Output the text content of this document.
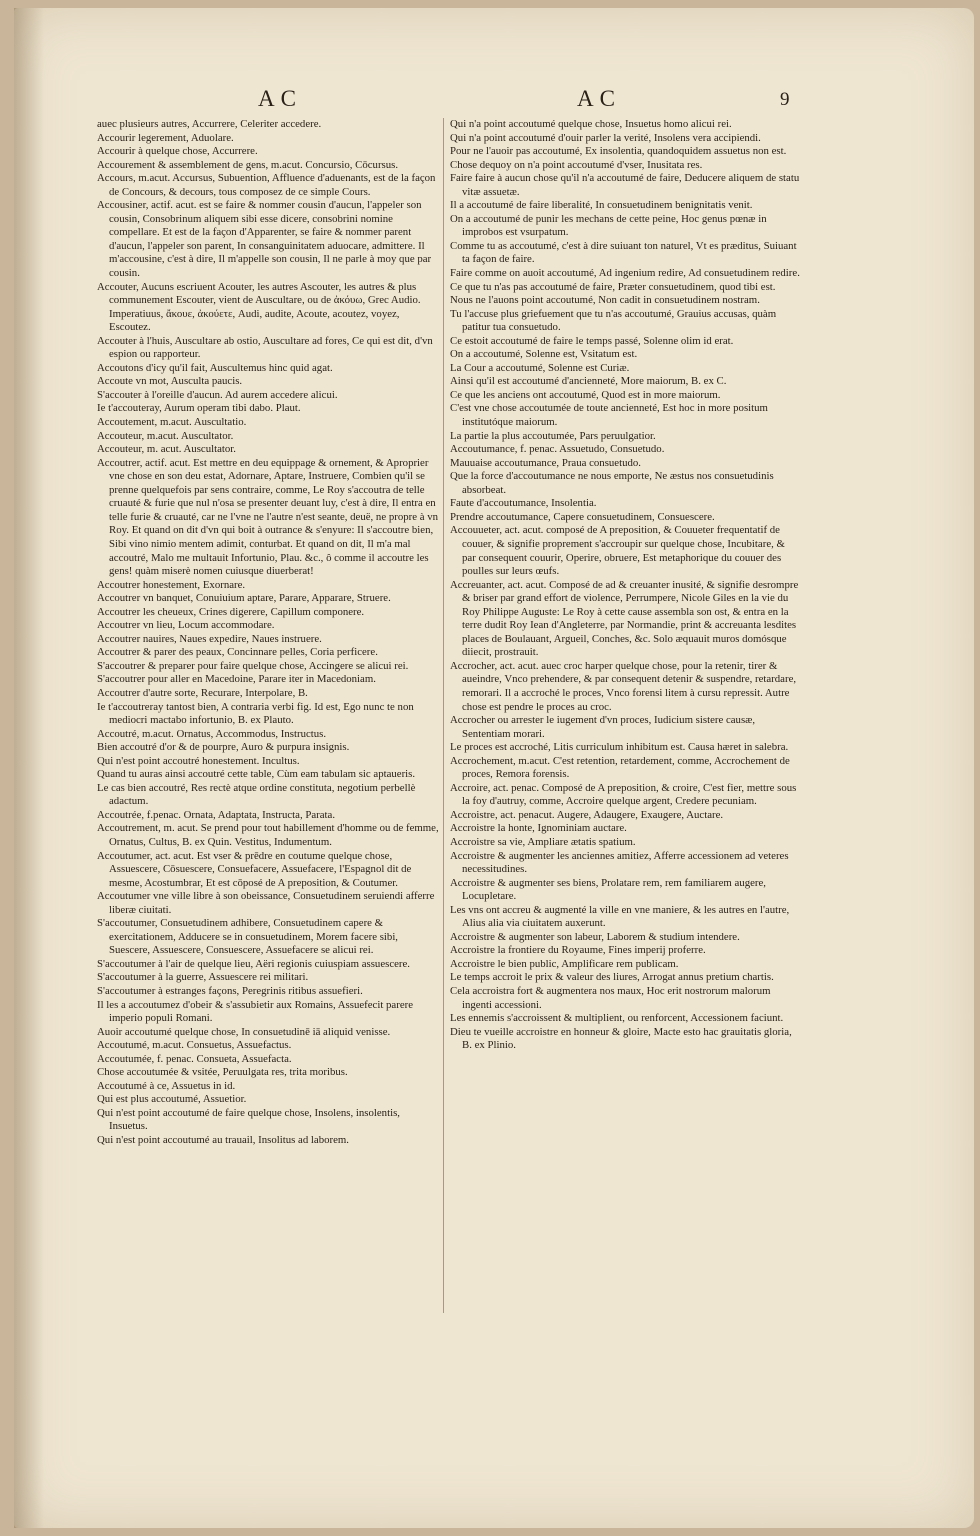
AC	AC	9
auec plusieurs autres, Accurrere, Celeriter accedere.
Accourir legerement, Aduolare.
Accourir à quelque chose, Accurrere.
Accourement & assemblement de gens, m.acut. Concursio, Cōcursus.
Accours, m.acut. Accursus, Subuention, Affluence d'aduenants, est de la façon de Concours, & decours, tous composez de ce simple Cours.
Accousiner, actif. acut. est se faire & nommer cousin d'aucun, l'appeler son cousin, Consobrinum aliquem sibi esse dicere, consobrini nomine compellare. Et est de la façon d'Apparenter, se faire & nommer parent d'aucun, l'appeler son parent, In consanguinitatem aduocare, admittere. Il m'accousine, c'est à dire, Il m'appelle son cousin, Il ne parle à moy que par cousin.
Accouter, Aucuns escriuent Acouter, les autres Ascouter, les autres & plus communement Escouter, vient de Auscultare, ou de ἀκόυω, Grec Audio. Imperatiuus, ἄκουε, ἀκούετε, Audi, audite, Acoute, acoutez, voyez, Escoutez.
Accouter à l'huis, Auscultare ab ostio, Auscultare ad fores, Ce qui est dit, d'vn espion ou rapporteur.
Accoutons d'icy qu'il fait, Auscultemus hinc quid agat.
Accoute vn mot, Ausculta paucis.
S'accouter à l'oreille d'aucun. Ad aurem accedere alicui.
Ie t'accouteray, Aurum operam tibi dabo. Plaut.
Accoutement, m.acut. Auscultatio.
Accouteur, m.acut. Auscultator.
Accouteur, m. acut. Auscultator.
Accoutrer, actif. acut. Est mettre en deu equippage & ornement, & Aproprier vne chose en son deu estat, Adornare, Aptare, Instruere, Combien qu'il se prenne quelquefois par sens contraire, comme, Le Roy s'accoutra de telle cruauté & furie que nul n'osa se presenter deuant luy, c'est à dire, Il entra en telle furie & cruauté, car ne l'vne ne l'autre n'est seante, deuë, ne propre à vn Roy. Et quand on dit d'vn qui boit à outrance & s'enyure: Il s'accoutre bien, Sibi vino nimio mentem adimit, conturbat. Et quand on dit, Il m'a mal accoutré, Malo me multauit Infortunio, Plau. &c., ô comme il accoutre les gens! quàm miserè nomen cuiusque diuerberat!
Accoutrer honestement, Exornare.
Accoutrer vn banquet, Conuiuium aptare, Parare, Apparare, Struere.
Accoutrer les cheueux, Crines digerere, Capillum componere.
Accoutrer vn lieu, Locum accommodare.
Accoutrer nauires, Naues expedire, Naues instruere.
Accoutrer & parer des peaux, Concinnare pelles, Coria perficere.
S'accoutrer & preparer pour faire quelque chose, Accingere se alicui rei.
S'accoutrer pour aller en Macedoine, Parare iter in Macedoniam.
Accoutrer d'autre sorte, Recurare, Interpolare, B.
Ie t'accoutreray tantost bien, A contraria verbi fig. Id est, Ego nunc te non mediocri mactabo infortunio, B. ex Plauto.
Accoutré, m.acut. Ornatus, Accommodus, Instructus.
Bien accoutré d'or & de pourpre, Auro & purpura insignis.
Qui n'est point accoutré honestement. Incultus.
Quand tu auras ainsi accoutré cette table, Cùm eam tabulam sic aptaueris.
Le cas bien accoutré, Res rectè atque ordine constituta, negotium perbellè adactum.
Accoutrée, f.penac. Ornata, Adaptata, Instructa, Parata.
Accoutrement, m. acut. Se prend pour tout habillement d'homme ou de femme, Ornatus, Cultus, B. ex Quin. Vestitus, Indumentum.
Accoutumer, act. acut. Est vser & prēdre en coutume quelque chose, Assuescere, Cōsuescere, Consuefacere, Assuefacere, l'Espagnol dit de mesme, Acostumbrar, Et est cōposé de A preposition, & Coutumer.
Accoutumer vne ville libre à son obeissance, Consuetudinem seruiendi afferre liberæ ciuitati.
S'accoutumer, Consuetudinem adhibere, Consuetudinem capere & exercitationem, Adducere se in consuetudinem, Morem facere sibi, Suescere, Assuescere, Consuescere, Assuefacere se alicui rei.
S'accoutumer à l'air de quelque lieu, Aëri regionis cuiuspiam assuescere.
S'accoutumer à la guerre, Assuescere rei militari.
S'accoutumer à estranges façons, Peregrinis ritibus assuefieri.
Il les a accoutumez d'obeir & s'assubietir aux Romains, Assuefecit parere imperio populi Romani.
Auoir accoutumé quelque chose, In consuetudinē iā aliquid venisse.
Accoutumé, m.acut. Consuetus, Assuefactus.
Accoutumée, f. penac. Consueta, Assuefacta.
Chose accoutumée & vsitée, Peruulgata res, trita moribus.
Accoutumé à ce, Assuetus in id.
Qui est plus accoutumé, Assuetior.
Qui n'est point accoutumé de faire quelque chose, Insolens, insolentis, Insuetus.
Qui n'est point accoutumé au trauail, Insolitus ad laborem.
Qui n'a point accoutumé quelque chose, Insuetus homo alicui rei.
Qui n'a point accoutumé d'ouir parler la verité, Insolens vera accipiendi.
Pour ne l'auoir pas accoutumé, Ex insolentia, quandoquidem assuetus non est.
Chose dequoy on n'a point accoutumé d'vser, Inusitata res.
Faire faire à aucun chose qu'il n'a accoutumé de faire, Deducere aliquem de statu vitæ assuetæ.
Il a accoutumé de faire liberalité, In consuetudinem benignitatis venit.
On a accoutumé de punir les mechans de cette peine, Hoc genus pœnæ in improbos est vsurpatum.
Comme tu as accoutumé, c'est à dire suiuant ton naturel, Vt es præditus, Suiuant ta façon de faire.
Faire comme on auoit accoutumé, Ad ingenium redire, Ad consuetudinem redire.
Ce que tu n'as pas accoutumé de faire, Præter consuetudinem, quod tibi est.
Nous ne l'auons point accoutumé, Non cadit in consuetudinem nostram.
Tu l'accuse plus griefuement que tu n'as accoutumé, Grauius accusas, quàm patitur tua consuetudo.
Ce estoit accoutumé de faire le temps passé, Solenne olim id erat.
On a accoutumé, Solenne est, Vsitatum est.
La Cour a accoutumé, Solenne est Curiæ.
Ainsi qu'il est accoutumé d'ancienneté, More maiorum, B. ex C.
Ce que les anciens ont accoutumé, Quod est in more maiorum.
C'est vne chose accoutumée de toute ancienneté, Est hoc in more positum institutóque maiorum.
La partie la plus accoutumée, Pars peruulgatior.
Accoutumance, f. penac. Assuetudo, Consuetudo.
Mauuaise accoutumance, Praua consuetudo.
Que la force d'accoutumance ne nous emporte, Ne æstus nos consuetudinis absorbeat.
Faute d'accoutumance, Insolentia.
Prendre accoutumance, Capere consuetudinem, Consuescere.
Accouueter, act. acut. composé de A preposition, & Couueter frequentatif de couuer, & signifie proprement s'accroupir sur quelque chose, Incubitare, & par consequent couurir, Operire, obruere, Est metaphorique du couuer des poulles sur leurs œufs.
Accreuanter, act. acut. Composé de ad & creuanter inusité, & signifie desrompre & briser par grand effort de violence, Perrumpere, Nicole Giles en la vie du Roy Philippe Auguste: Le Roy à cette cause assembla son ost, & entra en la terre dudit Roy Iean d'Angleterre, par Normandie, print & accreuanta lesdites places de Boulauant, Argueil, Conches, &c. Solo æquauit muros domósque diiecit, prostrauit.
Accrocher, act. acut. auec croc harper quelque chose, pour la retenir, tirer & aueindre, Vnco prehendere, & par consequent detenir & suspendre, retardare, remorari. Il a accroché le proces, Vnco forensi litem à cursu repressit. Autre chose est pendre le proces au croc.
Accrocher ou arrester le iugement d'vn proces, Iudicium sistere causæ, Sententiam morari.
Le proces est accroché, Litis curriculum inhibitum est. Causa hæret in salebra.
Accrochement, m.acut. C'est retention, retardement, comme, Accrochement de proces, Remora forensis.
Accroire, act. penac. Composé de A preposition, & croire, C'est fier, mettre sous la foy d'autruy, comme, Accroire quelque argent, Credere pecuniam.
Accroistre, act. penacut. Augere, Adaugere, Exaugere, Auctare.
Accroistre la honte, Ignominiam auctare.
Accroistre sa vie, Ampliare ætatis spatium.
Accroistre & augmenter les anciennes amitiez, Afferre accessionem ad veteres necessitudines.
Accroistre & augmenter ses biens, Prolatare rem, rem familiarem augere, Locupletare.
Les vns ont accreu & augmenté la ville en vne maniere, & les autres en l'autre, Alius alia via ciuitatem auxerunt.
Accroistre & augmenter son labeur, Laborem & studium intendere.
Accroistre la frontiere du Royaume, Fines imperij proferre.
Accroistre le bien public, Amplificare rem publicam.
Le temps accroit le prix & valeur des liures, Arrogat annus pretium chartis.
Cela accroistra fort & augmentera nos maux, Hoc erit nostrorum malorum ingenti accessioni.
Les ennemis s'accroissent & multiplient, ou renforcent, Accessionem faciunt.
Dieu te vueille accroistre en honneur & gloire, Macte esto hac grauitatis gloria, B. ex Plinio.
